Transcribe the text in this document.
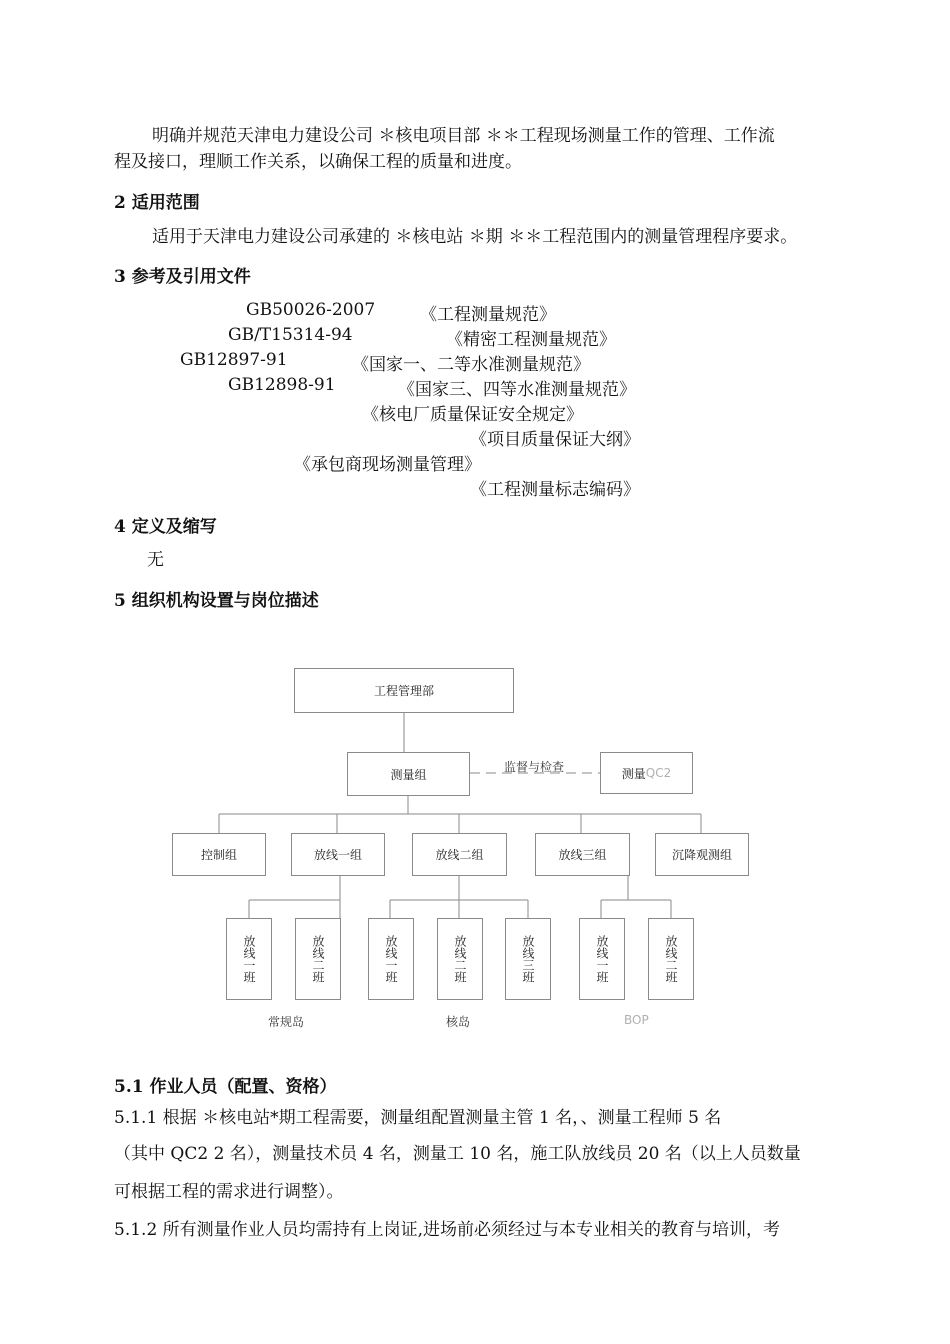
明确并规范天津电力建设公司 ＊核电项目部 ＊＊工程现场测量工作的管理、工作流
程及接口，理顺工作关系，以确保工程的质量和进度。
2 适用范围
适用于天津电力建设公司承建的 ＊核电站 ＊期 ＊＊工程范围内的测量管理程序要求。
3 参考及引用文件
GB50026-2007	《工程测量规范》
GB/T15314-94	《精密工程测量规范》
GB12897-91	《国家一、二等水准测量规范》
GB12898-91	《国家三、四等水准测量规范》
《核电厂质量保证安全规定》
《项目质量保证大纲》
《承包商现场测量管理》
《工程测量标志编码》
4 定义及缩写
无
5 组织机构设置与岗位描述
工程管理部
测量组
监督与检查	测量 QC2
控制组	放线一组	放线二组	放线三组	沉降观测组
放线一班	放线二班	放线一班	放线二班	放线三班	放线一班	放线二班
常规岛	核岛	BOP
5.1 作业人员（配置、资格）
5.1.1 根据 ＊核电站*期工程需要，测量组配置测量主管 1 名，、测量工程师 5 名
（其中 QC2 2 名），测量技术员 4 名，测量工 10 名，施工队放线员 20 名（以上人员数量
可根据工程的需求进行调整）。
5.1.2 所有测量作业人员均需持有上岗证,进场前必须经过与本专业相关的教育与培训，考
